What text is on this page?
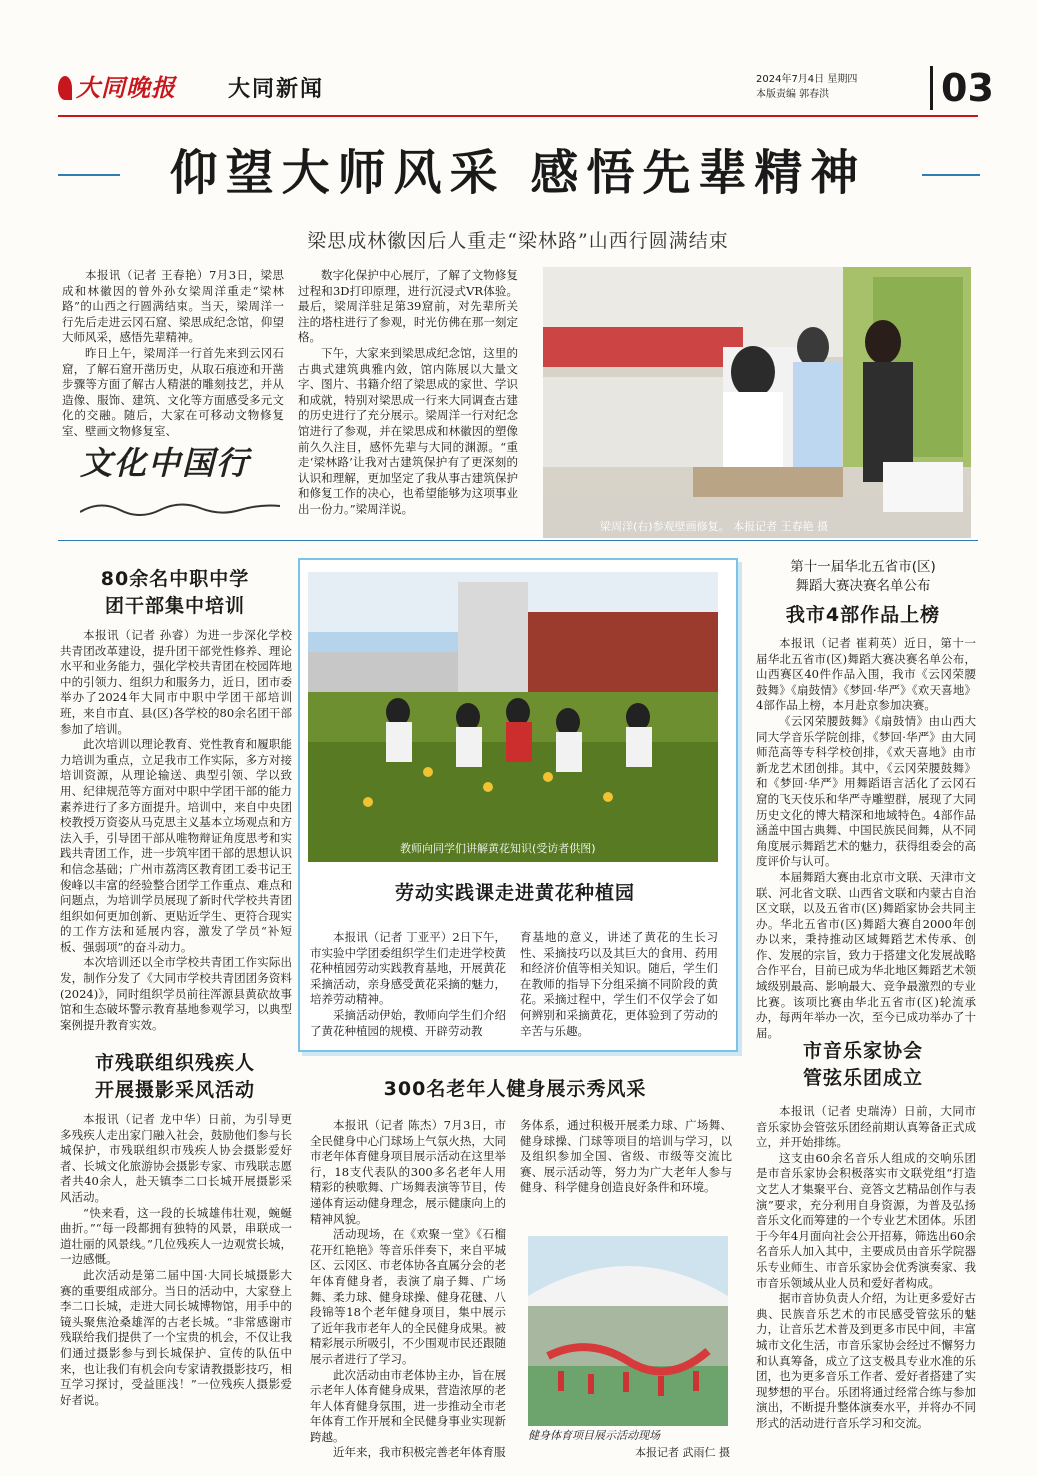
大同晚报	大同新闻	2024年7月4日 星期四
本版责编 郭春洪	03
仰望大师风采 感悟先辈精神
梁思成林徽因后人重走“梁林路”山西行圆满结束

本报讯（记者 王春艳）7月3日，梁思成和林徽因的曾外孙女梁周洋重走“梁林路”的山西之行圆满结束。当天，梁周洋一行先后走进云冈石窟、梁思成纪念馆，仰望大师风采，感悟先辈精神。

昨日上午，梁周洋一行首先来到云冈石窟，了解石窟开凿历史，从取石痕迹和开凿步骤等方面了解古人精湛的雕刻技艺，并从造像、服饰、建筑、文化等方面感受多元文化的交融。随后，大家在可移动文物修复室、壁画文物修复室、

文化中国行

数字化保护中心展厅，了解了文物修复过程和3D打印原理，进行沉浸式VR体验。最后，梁周洋驻足第39窟前，对先辈所关注的塔柱进行了参观，时光仿佛在那一刻定格。

下午，大家来到梁思成纪念馆，这里的古典式建筑典雅内敛，馆内陈展以大量文字、图片、书籍介绍了梁思成的家世、学识和成就，特别对梁思成一行来大同调查古建的历史进行了充分展示。梁周洋一行对纪念馆进行了参观，并在梁思成和林徽因的塑像前久久注目，感怀先辈与大同的渊源。“重走‘梁林路’让我对古建筑保护有了更深刻的认识和理解，更加坚定了我从事古建筑保护和修复工作的决心，也希望能够为这项事业出一份力。”梁周洋说。

梁周洋(右)参观壁画修复。 本报记者 王春艳 摄
80余名中职中学
团干部集中培训

本报讯（记者 孙睿）为进一步深化学校共青团改革建设，提升团干部党性修养、理论水平和业务能力，强化学校共青团在校园阵地中的引领力、组织力和服务力，近日，团市委举办了2024年大同市中职中学团干部培训班，来自市直、县(区)各学校的80余名团干部参加了培训。

此次培训以理论教育、党性教育和履职能力培训为重点，立足我市工作实际，多方对接培训资源，从理论输送、典型引领、学以致用、纪律规范等方面对中职中学团干部的能力素养进行了多方面提升。培训中，来自中央团校教授万资姿从马克思主义基本立场观点和方法入手，引导团干部从唯物辩证角度思考和实践共青团工作，进一步筑牢团干部的思想认识和信念基础；广州市荔湾区教育团工委书记王俊峰以丰富的经验整合团学工作重点、难点和问题点，为培训学员展现了新时代学校共青团组织如何更加创新、更贴近学生、更符合现实的工作方法和延展内容，激发了学员“补短板、强弱项”的奋斗动力。

本次培训还以全市学校共青团工作实际出发，制作分发了《大同市学校共青团团务资料(2024)》，同时组织学员前往浑源县黄砍故事馆和生态破坏警示教育基地参观学习，以典型案例提升教育实效。

市残联组织残疾人
开展摄影采风活动

本报讯（记者 龙中华）日前，为引导更多残疾人走出家门融入社会，鼓励他们参与长城保护，市残联组织市残疾人协会摄影爱好者、长城文化旅游协会摄影专家、市残联志愿者共40余人，赴天镇李二口长城开展摄影采风活动。

“快来看，这一段的长城雄伟壮观，蜿蜒曲折。”“每一段都拥有独特的风景，串联成一道壮丽的风景线。”几位残疾人一边观赏长城，一边感慨。

此次活动是第二届中国·大同长城摄影大赛的重要组成部分。当日的活动中，大家登上李二口长城，走进大同长城博物馆，用手中的镜头聚焦沧桑雄浑的古老长城。“非常感谢市残联给我们提供了一个宝贵的机会，不仅让我们通过摄影参与到长城保护、宣传的队伍中来，也让我们有机会向专家请教摄影技巧，相互学习探讨，受益匪浅！”一位残疾人摄影爱好者说。

教师向同学们讲解黄花知识(受访者供图)
劳动实践课走进黄花种植园

本报讯（记者 丁亚平）2日下午，市实验中学团委组织学生们走进学校黄花种植园劳动实践教育基地，开展黄花采摘活动，亲身感受黄花采摘的魅力，培养劳动精神。

采摘活动伊始，教师向学生们介绍了黄花种植园的规模、开辟劳动教

育基地的意义，讲述了黄花的生长习性、采摘技巧以及其巨大的食用、药用和经济价值等相关知识。随后，学生们在教师的指导下分组采摘不同阶段的黄花。采摘过程中，学生们不仅学会了如何辨别和采摘黄花，更体验到了劳动的辛苦与乐趣。

第十一届华北五省市(区)
舞蹈大赛决赛名单公布
我市4部作品上榜

本报讯（记者 崔莉英）近日，第十一届华北五省市(区)舞蹈大赛决赛名单公布，山西赛区40件作品入围，我市《云冈荣腰鼓舞》《扇鼓情》《梦回·华严》《欢天喜地》4部作品上榜，本月赴京参加决赛。

《云冈荣腰鼓舞》《扇鼓情》由山西大同大学音乐学院创排，《梦回·华严》由大同师范高等专科学校创排，《欢天喜地》由市新龙艺术团创排。其中，《云冈荣腰鼓舞》和《梦回·华严》用舞蹈语言活化了云冈石窟的飞天伎乐和华严寺雕塑群，展现了大同历史文化的博大精深和地域特色。4部作品涵盖中国古典舞、中国民族民间舞，从不同角度展示舞蹈艺术的魅力，获得组委会的高度评价与认可。

本届舞蹈大赛由北京市文联、天津市文联、河北省文联、山西省文联和内蒙古自治区文联，以及五省市(区)舞蹈家协会共同主办。华北五省市(区)舞蹈大赛自2000年创办以来，秉持推动区域舞蹈艺术传承、创作、发展的宗旨，致力于搭建文化发展战略合作平台，目前已成为华北地区舞蹈艺术领域级别最高、影响最大、竞争最激烈的专业比赛。该项比赛由华北五省市(区)轮流承办，每两年举办一次，至今已成功举办了十届。

市音乐家协会
管弦乐团成立

本报讯（记者 史瑞涛）日前，大同市音乐家协会管弦乐团经前期认真筹备正式成立，并开始排练。

这支由60余名音乐人组成的交响乐团是市音乐家协会积极落实市文联党组“打造文艺人才集聚平台、竞答文艺精品创作与表演”要求，充分利用自身资源，为普及弘扬音乐文化而筹建的一个专业艺术团体。乐团于今年4月面向社会公开招募，筛选出60余名音乐人加入其中，主要成员由音乐学院器乐专业师生、市音乐家协会优秀演奏家、我市音乐领域从业人员和爱好者构成。

据市音协负责人介绍，为让更多爱好古典、民族音乐艺术的市民感受管弦乐的魅力，让音乐艺术普及到更多市民中间，丰富城市文化生活，市音乐家协会经过不懈努力和认真筹备，成立了这支极具专业水准的乐团，也为更多音乐工作者、爱好者搭建了实现梦想的平台。乐团将通过经常合练与参加演出，不断提升整体演奏水平，并将办不同形式的活动进行音乐学习和交流。

300名老年人健身展示秀风采

本报讯（记者 陈杰）7月3日，市全民健身中心门球场上气氛火热，大同市老年体育健身项目展示活动在这里举行，18支代表队的300多名老年人用精彩的秧歌舞、广场舞表演等节目，传递体育运动健身理念，展示健康向上的精神风貌。

活动现场，在《欢聚一堂》《石榴花开红艳艳》等音乐伴奏下，来自平城区、云冈区、市老体协各直属分会的老年体育健身者，表演了扇子舞、广场舞、柔力球、健身球操、健身花毽、八段锦等18个老年健身项目，集中展示了近年我市老年人的全民健身成果。被精彩展示所吸引，不少围观市民还跟随展示者进行了学习。

此次活动由市老体协主办，旨在展示老年人体育健身成果，营造浓厚的老年人体育健身氛围，进一步推动全市老年体育工作开展和全民健身事业实现新跨越。

近年来，我市积极完善老年体育服

务体系，通过积极开展柔力球、广场舞、健身球操、门球等项目的培训与学习，以及组织参加全国、省级、市级等交流比赛、展示活动等，努力为广大老年人参与健身、科学健身创造良好条件和环境。

健身体育项目展示活动现场
本报记者 武雨仁 摄
